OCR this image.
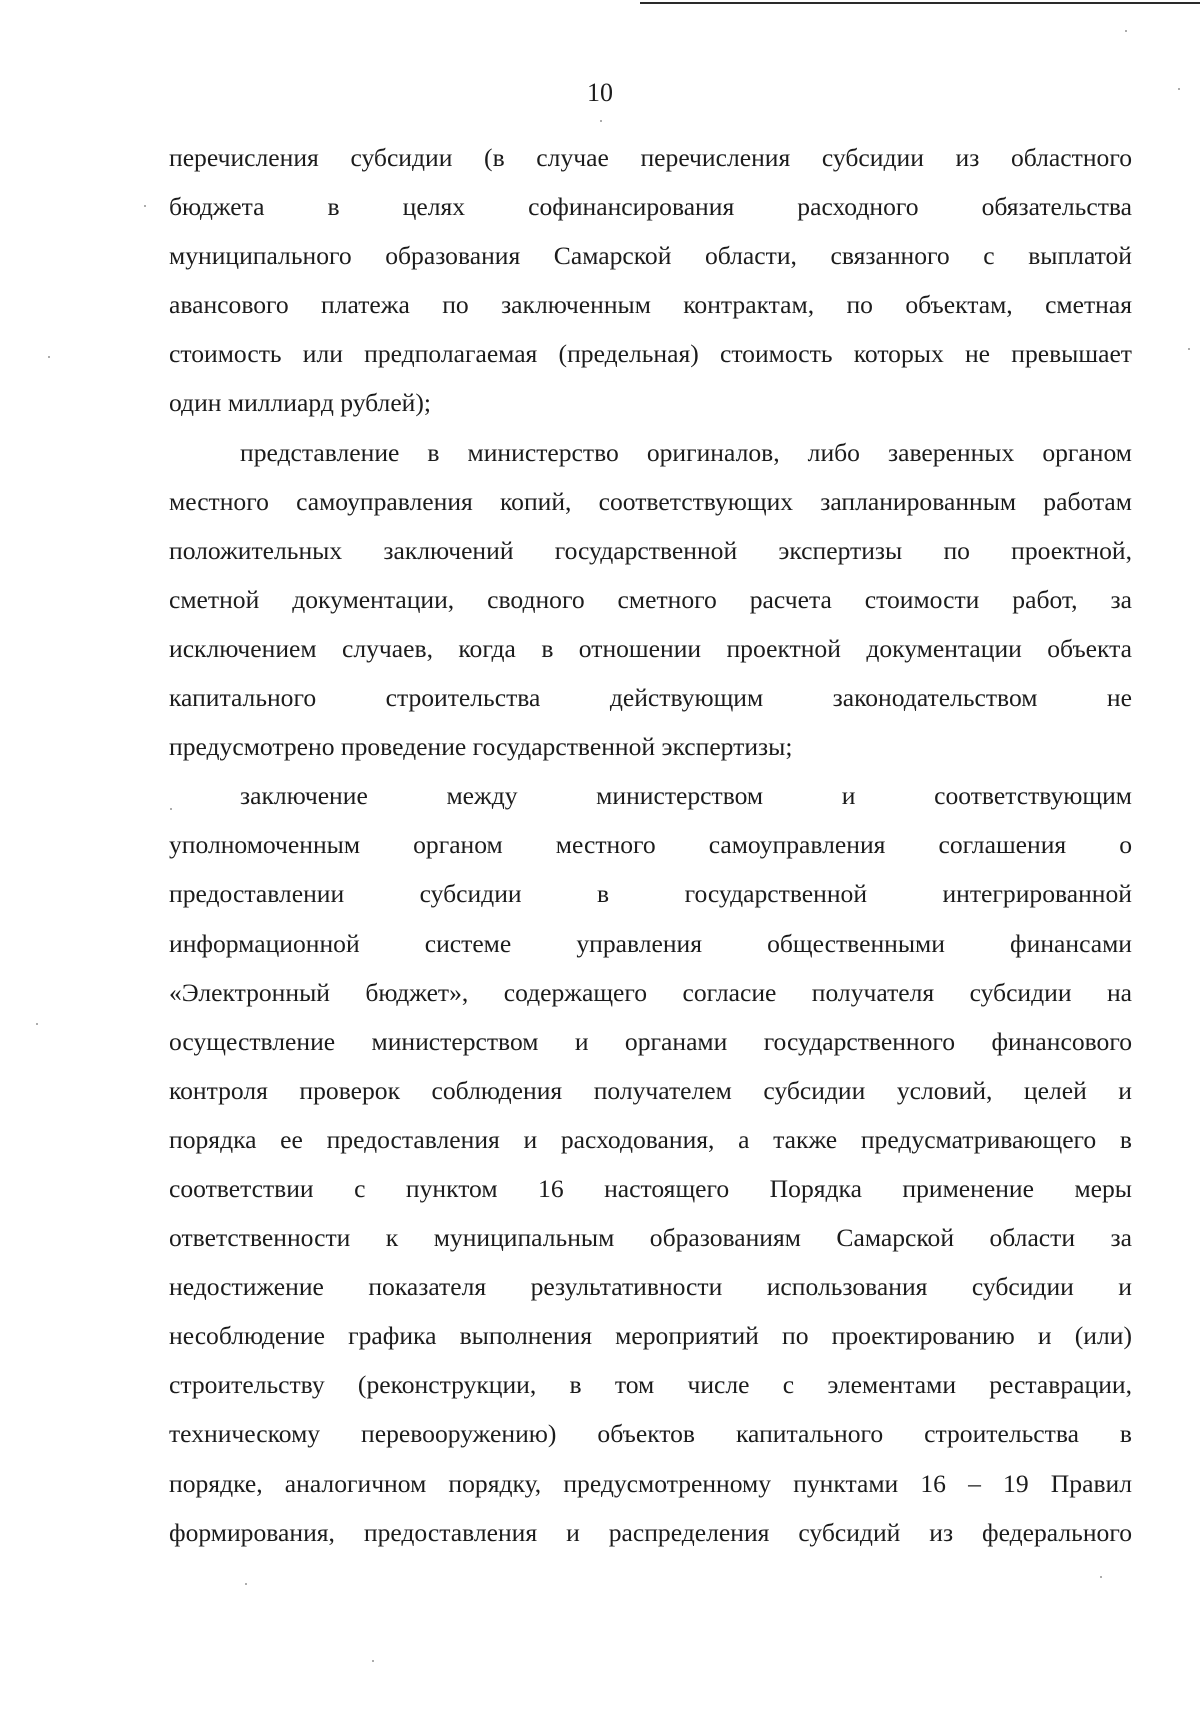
10
перечисления субсидии (в случае перечисления субсидии из областного
бюджета в целях софинансирования расходного обязательства
муниципального образования Самарской области, связанного с выплатой
авансового платежа по заключенным контрактам, по объектам, сметная
стоимость или предполагаемая (предельная) стоимость которых не превышает
один миллиард рублей);
представление в министерство оригиналов, либо заверенных органом
местного самоуправления копий, соответствующих запланированным работам
положительных заключений государственной экспертизы по проектной,
сметной документации, сводного сметного расчета стоимости работ, за
исключением случаев, когда в отношении проектной документации объекта
капитального строительства действующим законодательством не
предусмотрено проведение государственной экспертизы;
заключение между министерством и соответствующим
уполномоченным органом местного самоуправления соглашения о
предоставлении субсидии в государственной интегрированной
информационной системе управления общественными финансами
«Электронный бюджет», содержащего согласие получателя субсидии на
осуществление министерством и органами государственного финансового
контроля проверок соблюдения получателем субсидии условий, целей и
порядка ее предоставления и расходования, а также предусматривающего в
соответствии с пунктом 16 настоящего Порядка применение меры
ответственности к муниципальным образованиям Самарской области за
недостижение показателя результативности использования субсидии и
несоблюдение графика выполнения мероприятий по проектированию и (или)
строительству (реконструкции, в том числе с элементами реставрации,
техническому перевооружению) объектов капитального строительства в
порядке, аналогичном порядку, предусмотренному пунктами 16 – 19 Правил
формирования, предоставления и распределения субсидий из федерального
